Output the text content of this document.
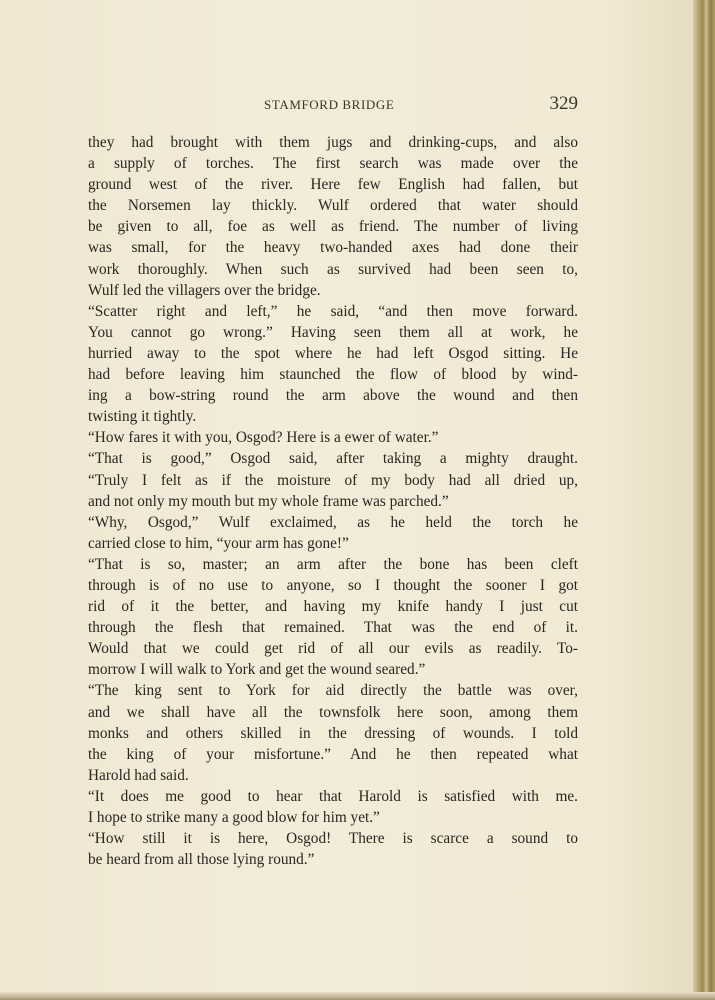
STAMFORD BRIDGE	329
they had brought with them jugs and drinking-cups, and also
a supply of torches. The first search was made over the
ground west of the river. Here few English had fallen, but
the Norsemen lay thickly. Wulf ordered that water should
be given to all, foe as well as friend. The number of living
was small, for the heavy two-handed axes had done their
work thoroughly. When such as survived had been seen to,
Wulf led the villagers over the bridge.
“Scatter right and left,” he said, “and then move forward.
You cannot go wrong.” Having seen them all at work, he
hurried away to the spot where he had left Osgod sitting. He
had before leaving him staunched the flow of blood by wind-
ing a bow-string round the arm above the wound and then
twisting it tightly.
“How fares it with you, Osgod? Here is a ewer of water.”
“That is good,” Osgod said, after taking a mighty draught.
“Truly I felt as if the moisture of my body had all dried up,
and not only my mouth but my whole frame was parched.”
“Why, Osgod,” Wulf exclaimed, as he held the torch he
carried close to him, “your arm has gone!”
“That is so, master; an arm after the bone has been cleft
through is of no use to anyone, so I thought the sooner I got
rid of it the better, and having my knife handy I just cut
through the flesh that remained. That was the end of it.
Would that we could get rid of all our evils as readily. To-
morrow I will walk to York and get the wound seared.”
“The king sent to York for aid directly the battle was over,
and we shall have all the townsfolk here soon, among them
monks and others skilled in the dressing of wounds. I told
the king of your misfortune.” And he then repeated what
Harold had said.
“It does me good to hear that Harold is satisfied with me.
I hope to strike many a good blow for him yet.”
“How still it is here, Osgod! There is scarce a sound to
be heard from all those lying round.”
